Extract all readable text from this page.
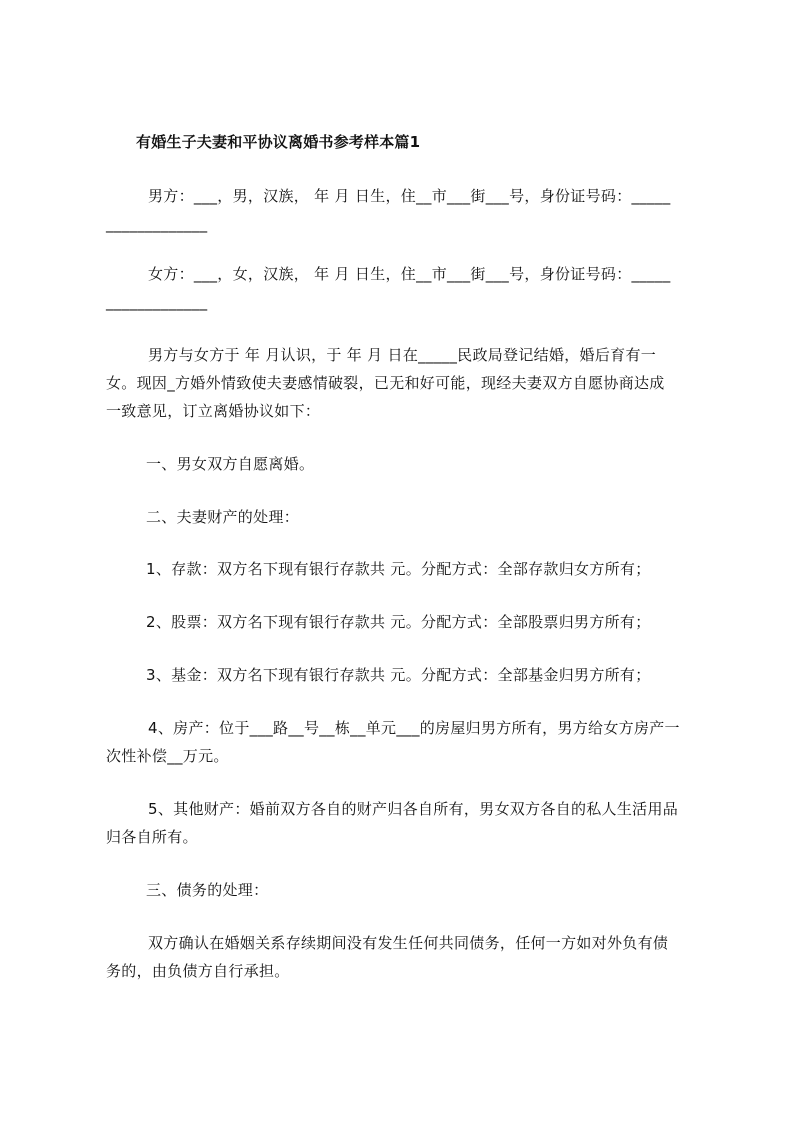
有婚生子夫妻和平协议离婚书参考样本篇1
男方：___，男，汉族， 年 月 日生，住__市___街___号，身份证号码：_____
_____________
女方：___，女，汉族， 年 月 日生，住__市___街___号，身份证号码：_____
_____________
男方与女方于 年 月认识，于 年 月 日在_____民政局登记结婚，婚后育有一
女。现因_方婚外情致使夫妻感情破裂，已无和好可能，现经夫妻双方自愿协商达成
一致意见，订立离婚协议如下：
一、男女双方自愿离婚。
二、夫妻财产的处理：
1、存款：双方名下现有银行存款共 元。分配方式：全部存款归女方所有；
2、股票：双方名下现有银行存款共 元。分配方式：全部股票归男方所有；
3、基金：双方名下现有银行存款共 元。分配方式：全部基金归男方所有；
4、房产：位于___路__号__栋__单元___的房屋归男方所有，男方给女方房产一
次性补偿__万元。
5、其他财产：婚前双方各自的财产归各自所有，男女双方各自的私人生活用品
归各自所有。
三、债务的处理：
双方确认在婚姻关系存续期间没有发生任何共同债务，任何一方如对外负有债
务的，由负债方自行承担。
